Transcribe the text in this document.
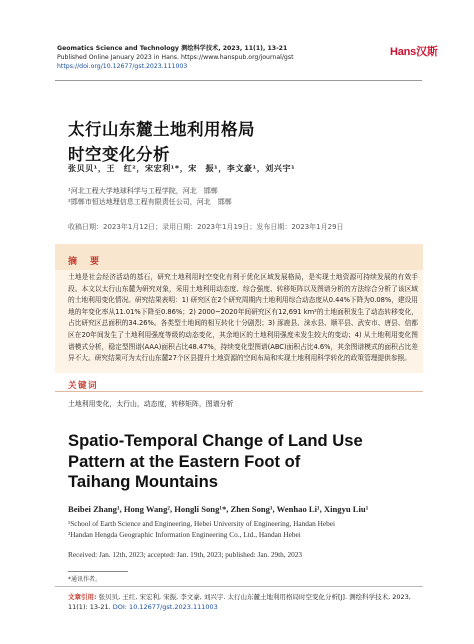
Geomatics Science and Technology 测绘科学技术, 2023, 11(1), 13-21
Published Online January 2023 in Hans. https://www.hanspub.org/journal/gst
https://doi.org/10.12677/gst.2023.111003
Hans汉斯
太行山东麓土地利用格局
时空变化分析
张贝贝¹，王　红²，宋宏利¹*，宋　振¹，李文豪¹，刘兴宇¹
¹河北工程大学地球科学与工程学院，河北　邯郸
²邯郸市恒达地理信息工程有限责任公司，河北　邯郸
收稿日期：2023年1月12日；录用日期：2023年1月19日；发布日期：2023年1月29日
摘　要
土地是社会经济活动的基石，研究土地利用时空变化有利于优化区域发展格局，是实现土地资源可持续发展的有效手段。本文以太行山东麓为研究对象，采用土地利用动态度、综合强度、转移矩阵以及图谱分析的方法综合分析了该区域的土地利用变化情况。研究结果表明：1) 研究区在2个研究周期内土地利用综合动态度从0.44%下降为0.08%，建设用地的年变化率从11.01%下降至0.86%；2) 2000~2020年间研究区有12,691 km²的土地面积发生了动态转移变化，占比研究区总面积的34.26%。各类型土地间的相互转化十分剧烈；3) 涿鹿县、涞水县、顺平县、武安市、唐县、信都区在20年间发生了土地利用强度等级的动态变化，其余地区的土地利用强度未发生较大的变动；4) 从土地利用变化图谱模式分析，稳定型图谱(AAA)面积占比48.47%，持续变化型图谱(ABC)面积占比4.6%，其余图谱模式的面积占比差异不大。研究结果可为太行山东麓27个区县提升土地资源的空间布局和实现土地利用科学转化的政策管理提供参照。
关键词
土地利用变化，太行山，动态度，转移矩阵，图谱分析
Spatio-Temporal Change of Land Use
Pattern at the Eastern Foot of
Taihang Mountains
Beibei Zhang¹, Hong Wang², Hongli Song¹*, Zhen Song¹, Wenhao Li¹, Xingyu Liu¹
¹School of Earth Science and Engineering, Hebei University of Engineering, Handan Hebei
²Handan Hengda Geographic Information Engineering Co., Ltd., Handan Hebei
Received: Jan. 12th, 2023; accepted: Jan. 19th, 2023; published: Jan. 29th, 2023
*通讯作者。
文章引用: 张贝贝, 王红, 宋宏利, 宋振, 李文豪, 刘兴宇. 太行山东麓土地利用格局时空变化分析[J]. 测绘科学技术, 2023, 11(1): 13-21. DOI: 10.12677/gst.2023.111003
